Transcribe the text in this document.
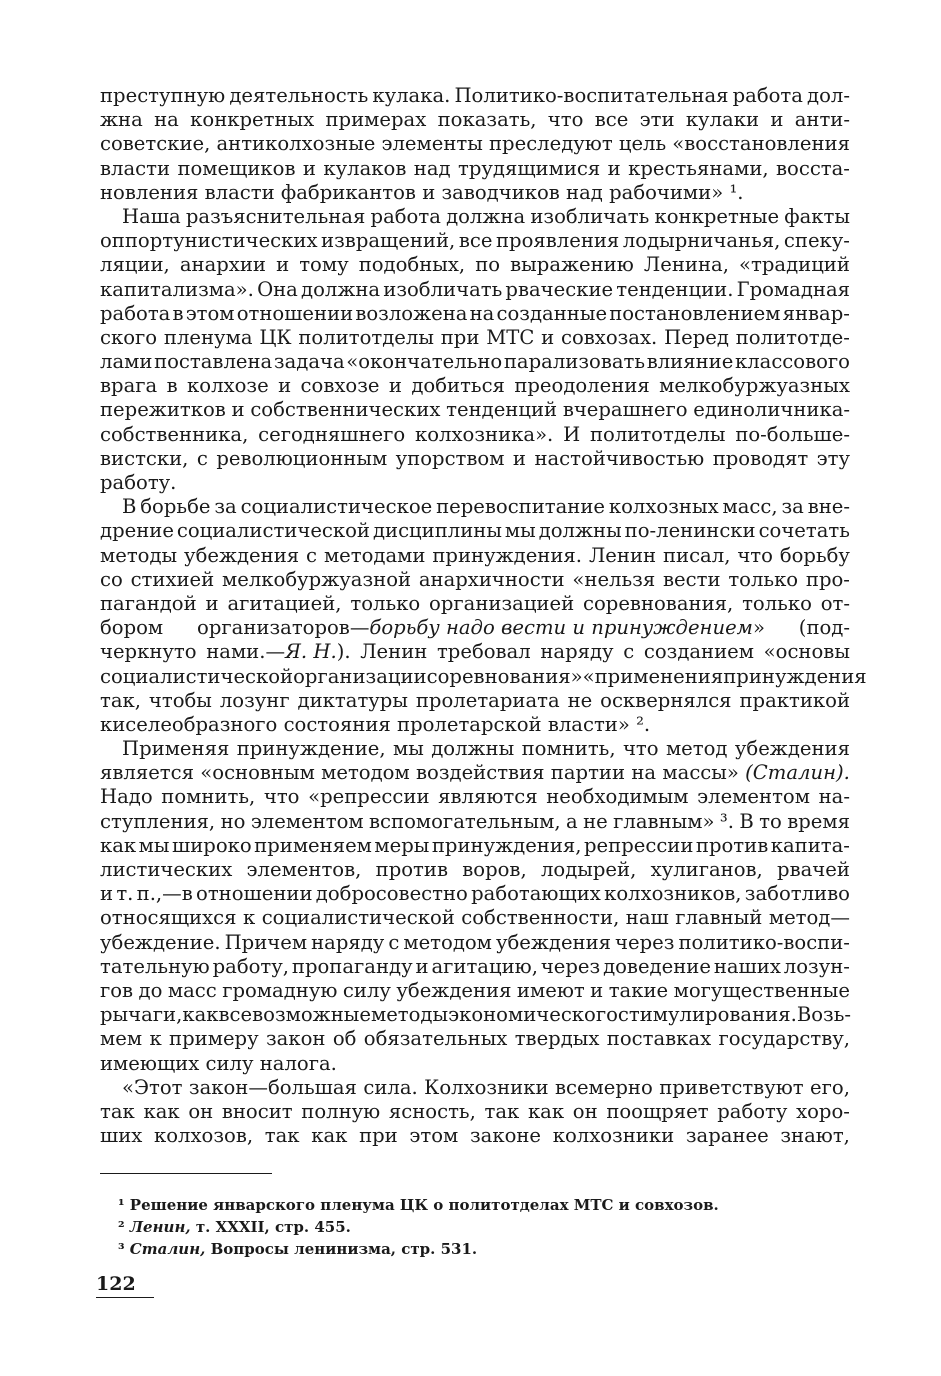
преступную деятельность кулака. Политико-воспитательная работа дол-
жна на конкретных примерах показать, что все эти кулаки и анти-
советские, антиколхозные элементы преследуют цель «восстановления
власти помещиков и кулаков над трудящимися и крестьянами, восста-
новления власти фабрикантов и заводчиков над рабочими» ¹.
Наша разъяснительная работа должна изобличать конкретные факты
оппортунистических извращений, все проявления лодырничанья, спеку-
ляции, анархии и тому подобных, по выражению Ленина, «традиций
капитализма». Она должна изобличать рваческие тенденции. Громадная
работа в этом отношении возложена на созданные постановлением январ-
ского пленума ЦК политотделы при МТС и совхозах. Перед политотде-
лами поставлена задача «окончательно парализовать влияние классового
врага в колхозе и совхозе и добиться преодоления мелкобуржуазных
пережитков и собственнических тенденций вчерашнего единоличника-
собственника, сегодняшнего колхозника». И политотделы по-больше-
вистски, с революционным упорством и настойчивостью проводят эту
работу.
В борьбе за социалистическое перевоспитание колхозных масс, за вне-
дрение социалистической дисциплины мы должны по-ленински сочетать
методы убеждения с методами принуждения. Ленин писал, что борьбу
со стихией мелкобуржуазной анархичности «нельзя вести только про-
пагандой и агитацией, только организацией соревнования, только от-
бором организаторов—борьбу надо вести и принуждением» (под-
черкнуто нами.—Я. Н.). Ленин требовал наряду с созданием «основы
социалистической организации соревнования» «применения принуждения
так, чтобы лозунг диктатуры пролетариата не осквернялся практикой
киселеобразного состояния пролетарской власти» ².
Применяя принуждение, мы должны помнить, что метод убеждения
является «основным методом воздействия партии на массы» (Сталин).
Надо помнить, что «репрессии являются необходимым элементом на-
ступления, но элементом вспомогательным, а не главным» ³. В то время
как мы широко применяем меры принуждения, репрессии против капита-
листических элементов, против воров, лодырей, хулиганов, рвачей
и т. п.,—в отношении добросовестно работающих колхозников, заботливо
относящихся к социалистической собственности, наш главный метод—
убеждение. Причем наряду с методом убеждения через политико-воспи-
тательную работу, пропаганду и агитацию, через доведение наших лозун-
гов до масс громадную силу убеждения имеют и такие могущественные
рычаги, как всевозможные методы экономического стимулирования. Возь-
мем к примеру закон об обязательных твердых поставках государству,
имеющих силу налога.
«Этот закон—большая сила. Колхозники всемерно приветствуют его,
так как он вносит полную ясность, так как он поощряет работу хоро-
ших колхозов, так как при этом законе колхозники заранее знают,
¹ Решение январского пленума ЦК о политотделах МТС и совхозов.
² Ленин, т. XXXII, стр. 455.
³ Сталин, Вопросы ленинизма, стр. 531.
122
